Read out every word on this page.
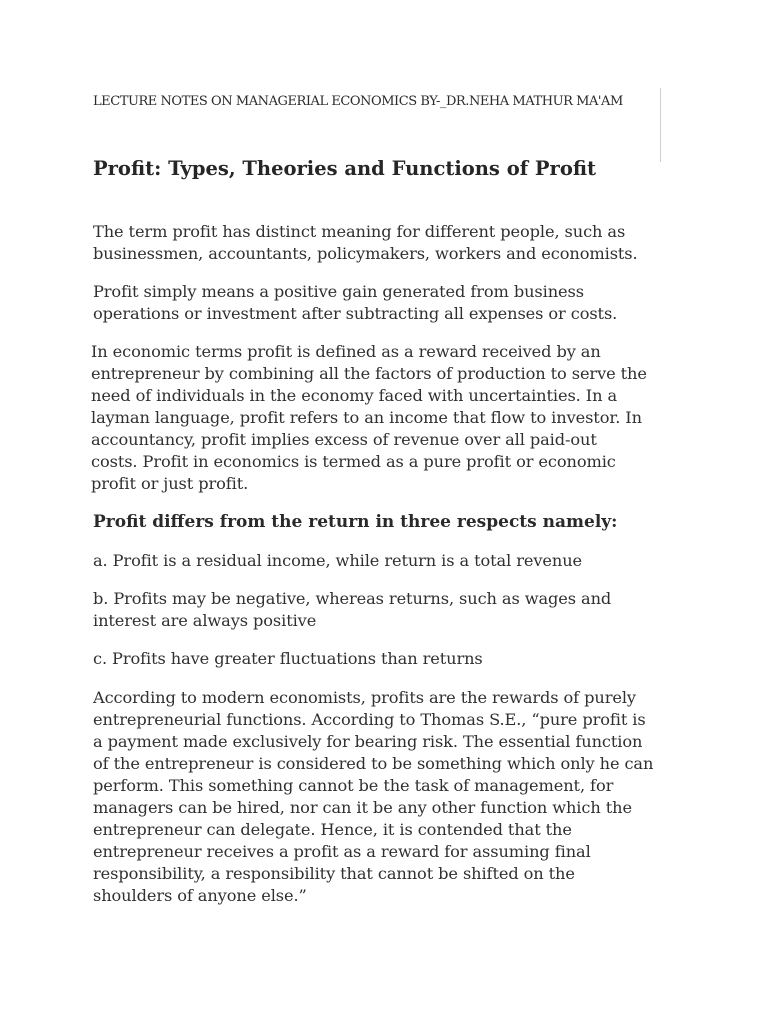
LECTURE NOTES ON MANAGERIAL ECONOMICS BY-_DR.NEHA MATHUR MA'AM
Profit: Types, Theories and Functions of Profit

The term profit has distinct meaning for different people, such as
businessmen, accountants, policymakers, workers and economists.

Profit simply means a positive gain generated from business
operations or investment after subtracting all expenses or costs.

In economic terms profit is defined as a reward received by an
entrepreneur by combining all the factors of production to serve the
need of individuals in the economy faced with uncertainties. In a
layman language, profit refers to an income that flow to investor. In
accountancy, profit implies excess of revenue over all paid-out
costs. Profit in economics is termed as a pure profit or economic
profit or just profit.

Profit differs from the return in three respects namely:

a. Profit is a residual income, while return is a total revenue

b. Profits may be negative, whereas returns, such as wages and
interest are always positive

c. Profits have greater fluctuations than returns

According to modern economists, profits are the rewards of purely
entrepreneurial functions. According to Thomas S.E., “pure profit is
a payment made exclusively for bearing risk. The essential function
of the entrepreneur is considered to be something which only he can
perform. This something cannot be the task of management, for
managers can be hired, nor can it be any other function which the
entrepreneur can delegate. Hence, it is contended that the
entrepreneur receives a profit as a reward for assuming final
responsibility, a responsibility that cannot be shifted on the
shoulders of anyone else.”
